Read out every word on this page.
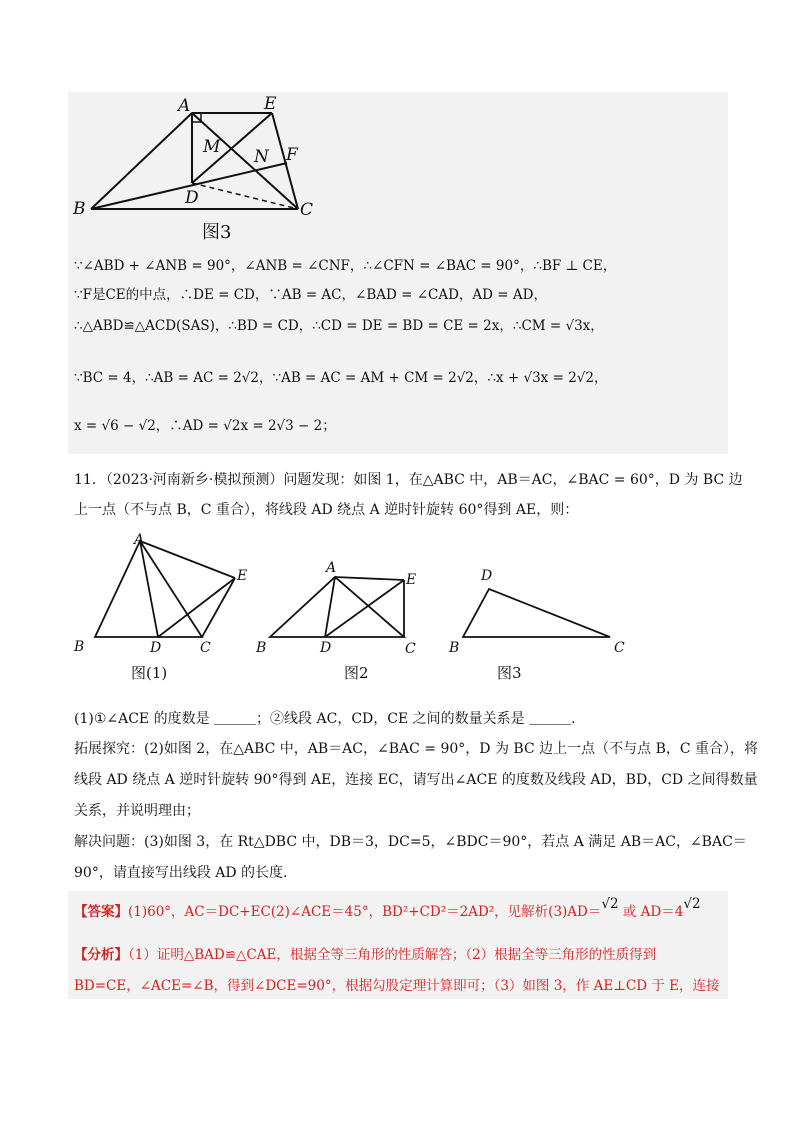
A	E
M N F
B
D
C
图3
∵∠ABD + ∠ANB = 90°，∠ANB = ∠CNF，∴∠CFN = ∠BAC = 90°，∴BF ⊥ CE，
∵F是CE的中点，∴DE = CD，∵AB = AC，∠BAD = ∠CAD，AD = AD，
∴△ABD≌△ACD(SAS)，∴BD = CD，∴CD = DE = BD = CE = 2x，∴CM = √3x，
∵BC = 4，∴AB = AC = 2√2，∵AB = AC = AM + CM = 2√2，∴x + √3x = 2√2，
x = √6 − √2，∴AD = √2x = 2√3 − 2；
11．（2023·河南新乡·模拟预测）问题发现：如图 1，在△ABC 中，AB＝AC，∠BAC = 60°，D 为 BC 边
上一点（不与点 B，C 重合），将线段 AD 绕点 A 逆时针旋转 60°得到 AE，则：
A
B	D	C
E	A
B	D	C
E	D
B	C
图(1)	图2	图3
(1)①∠ACE 的度数是 ＿＿＿；②线段 AC，CD，CE 之间的数量关系是 ＿＿＿.
拓展探究：(2)如图 2，在△ABC 中，AB＝AC，∠BAC = 90°，D 为 BC 边上一点（不与点 B，C 重合），将
线段 AD 绕点 A 逆时针旋转 90°得到 AE，连接 EC，请写出∠ACE 的度数及线段 AD，BD，CD 之间得数量
关系，并说明理由；
解决问题：(3)如图 3，在 Rt△DBC 中，DB＝3，DC=5，∠BDC＝90°，若点 A 满足 AB＝AC，∠BAC＝
90°，请直接写出线段 AD 的长度.
【答案】(1)60°，AC＝DC+EC(2)∠ACE＝45°，BD²+CD²＝2AD²，见解析(3)AD＝√2 或 AD＝4√2
【分析】（1）证明△BAD≌△CAE，根据全等三角形的性质解答；（2）根据全等三角形的性质得到
BD=CE，∠ACE=∠B，得到∠DCE=90°，根据勾股定理计算即可；（3）如图 3，作 AE⊥CD 于 E，连接
